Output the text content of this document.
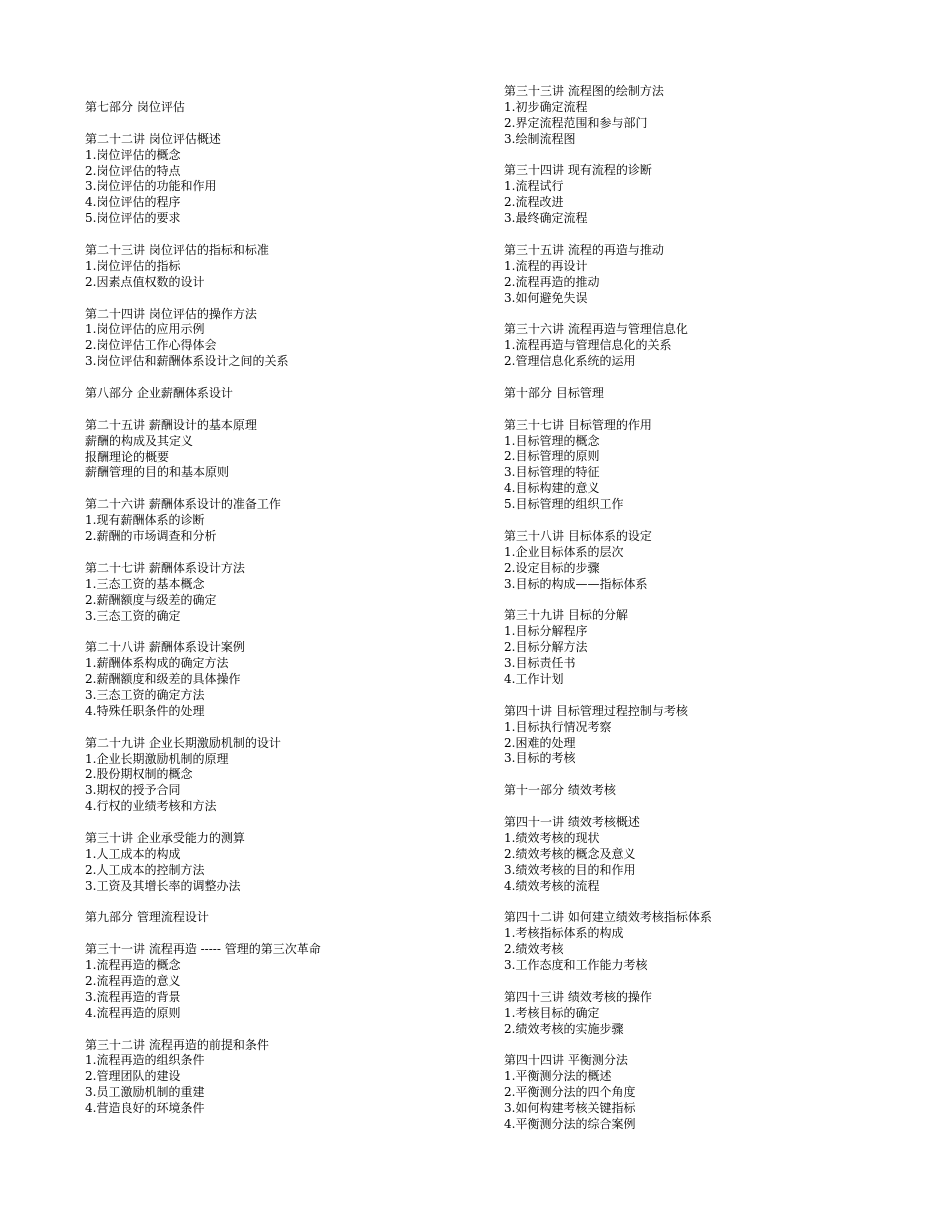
第七部分 岗位评估
第二十二讲 岗位评估概述
1.岗位评估的概念
2.岗位评估的特点
3.岗位评估的功能和作用
4.岗位评估的程序
5.岗位评估的要求
第二十三讲 岗位评估的指标和标准
1.岗位评估的指标
2.因素点值权数的设计
第二十四讲 岗位评估的操作方法
1.岗位评估的应用示例
2.岗位评估工作心得体会
3.岗位评估和薪酬体系设计之间的关系
第八部分 企业薪酬体系设计
第二十五讲 薪酬设计的基本原理
薪酬的构成及其定义
报酬理论的概要
薪酬管理的目的和基本原则
第二十六讲 薪酬体系设计的准备工作
1.现有薪酬体系的诊断
2.薪酬的市场调查和分析
第二十七讲 薪酬体系设计方法
1.三态工资的基本概念
2.薪酬额度与级差的确定
3.三态工资的确定
第二十八讲 薪酬体系设计案例
1.薪酬体系构成的确定方法
2.薪酬额度和级差的具体操作
3.三态工资的确定方法
4.特殊任职条件的处理
第二十九讲 企业长期激励机制的设计
1.企业长期激励机制的原理
2.股份期权制的概念
3.期权的授予合同
4.行权的业绩考核和方法
第三十讲 企业承受能力的测算
1.人工成本的构成
2.人工成本的控制方法
3.工资及其增长率的调整办法
第九部分 管理流程设计
第三十一讲 流程再造 ----- 管理的第三次革命
1.流程再造的概念
2.流程再造的意义
3.流程再造的背景
4.流程再造的原则
第三十二讲 流程再造的前提和条件
1.流程再造的组织条件
2.管理团队的建设
3.员工激励机制的重建
4.营造良好的环境条件
第三十三讲 流程图的绘制方法
1.初步确定流程
2.界定流程范围和参与部门
3.绘制流程图
第三十四讲 现有流程的诊断
1.流程试行
2.流程改进
3.最终确定流程
第三十五讲 流程的再造与推动
1.流程的再设计
2.流程再造的推动
3.如何避免失误
第三十六讲 流程再造与管理信息化
1.流程再造与管理信息化的关系
2.管理信息化系统的运用
第十部分 目标管理
第三十七讲 目标管理的作用
1.目标管理的概念
2.目标管理的原则
3.目标管理的特征
4.目标构建的意义
5.目标管理的组织工作
第三十八讲 目标体系的设定
1.企业目标体系的层次
2.设定目标的步骤
3.目标的构成——指标体系
第三十九讲 目标的分解
1.目标分解程序
2.目标分解方法
3.目标责任书
4.工作计划
第四十讲 目标管理过程控制与考核
1.目标执行情况考察
2.困难的处理
3.目标的考核
第十一部分 绩效考核
第四十一讲 绩效考核概述
1.绩效考核的现状
2.绩效考核的概念及意义
3.绩效考核的目的和作用
4.绩效考核的流程
第四十二讲 如何建立绩效考核指标体系
1.考核指标体系的构成
2.绩效考核
3.工作态度和工作能力考核
第四十三讲 绩效考核的操作
1.考核目标的确定
2.绩效考核的实施步骤
第四十四讲 平衡测分法
1.平衡测分法的概述
2.平衡测分法的四个角度
3.如何构建考核关键指标
4.平衡测分法的综合案例
